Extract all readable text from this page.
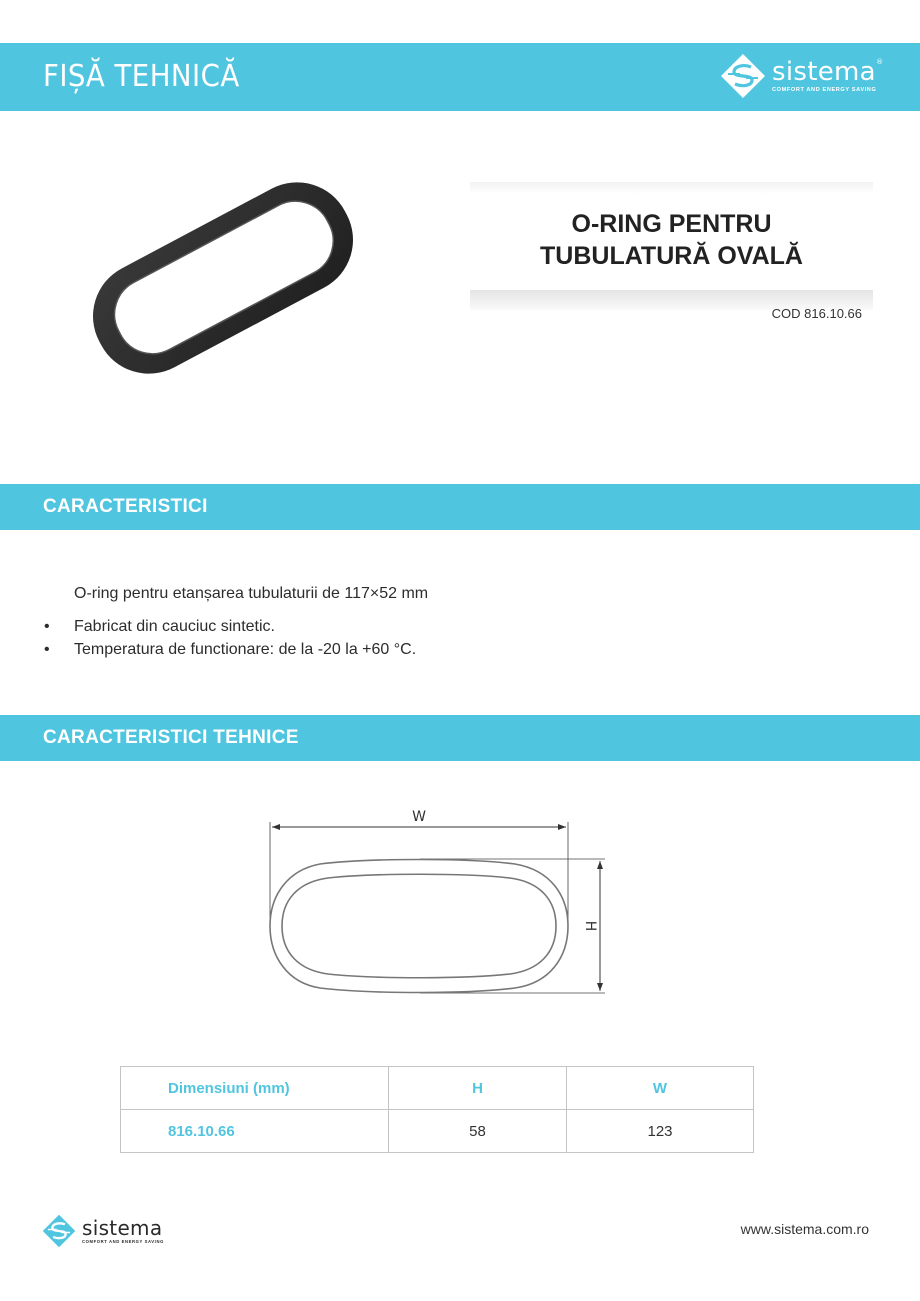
FIȘĂ TEHNICĂ	sistema ®
COMFORT AND ENERGY SAVING
O-RING PENTRU
TUBULATURĂ OVALĂ
COD 816.10.66
CARACTERISTICI
O-ring pentru etanșarea tubulaturii de 117×52 mm
• Fabricat din cauciuc sintetic.
• Temperatura de functionare: de la -20 la +60 °C.
CARACTERISTICI TEHNICE
W
H
Dimensiuni (mm)	H	W
816.10.66	58	123
sistema
COMFORT AND ENERGY SAVING
www.sistema.com.ro
